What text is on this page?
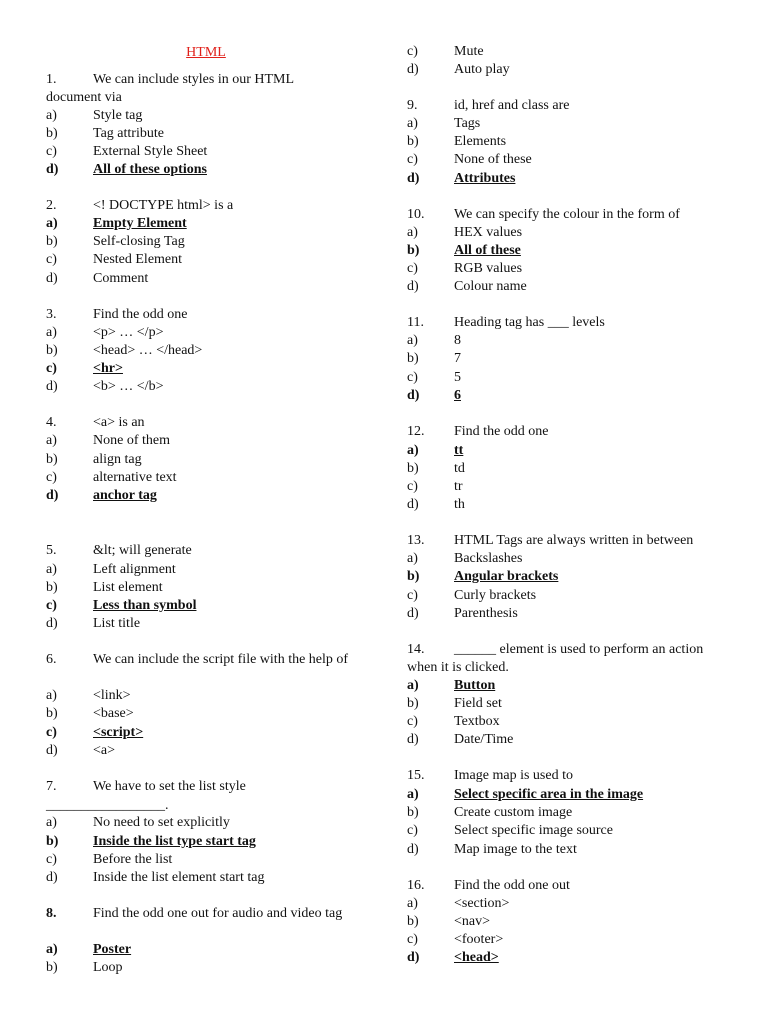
HTML
1.	We can include styles in our HTML document via
a)	Style tag
b)	Tag attribute
c)	External Style Sheet
d) All of these options
2.	<! DOCTYPE html> is a
a)	Empty Element
b)	Self-closing Tag
c)	Nested Element
d)	Comment
3.	Find the odd one
a)	<p> … </p>
b)	<head> … </head>
c)	<hr>
d)	<b> … </b>
4.	<a> is an
a)	None of them
b)	align tag
c)	alternative text
d) anchor tag
5.	&lt; will generate
a)	Left alignment
b)	List element
c)	Less than symbol
d)	List title
6.	We can include the script file with the help of
a)	<link>
b)	<base>
c)	<script>
d)	<a>
7.	We have to set the list style
_________________.
a)	No need to set explicitly
b) Inside the list type start tag
c)	Before the list
d)	Inside the list element start tag
8.	Find the odd one out for audio and video tag
a)	Poster
b)	Loop
c)	Mute
d)	Auto play
9.	id, href and class are
a)	Tags
b)	Elements
c)	None of these
d) Attributes
10. We can specify the colour in the form of
a)	HEX values
b) All of these
c)	RGB values
d)	Colour name
11. Heading tag has ___ levels
a)	8
b)	7
c)	5
d) 6
12. Find the odd one
a)	tt
b)	td
c)	tr
d)	th
13. HTML Tags are always written in between
a)	Backslashes
b) Angular brackets
c)	Curly brackets
d)	Parenthesis
14. ______ element is used to perform an action when it is clicked.
a)	Button
b)	Field set
c)	Textbox
d)	Date/Time
15. Image map is used to
a)	Select specific area in the image
b)	Create custom image
c)	Select specific image source
d)	Map image to the text
16. Find the odd one out
a)	<section>
b)	<nav>
c)	<footer>
d) <head>
